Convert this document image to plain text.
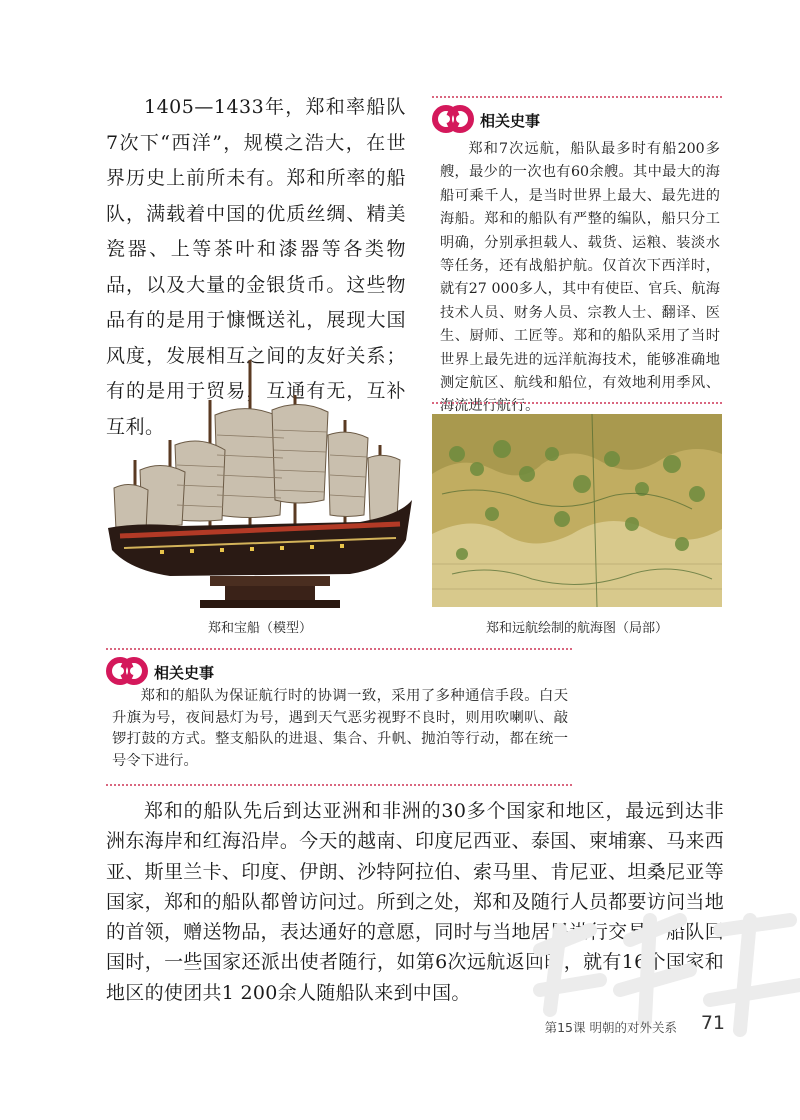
1405—1433年，郑和率船队7次下“西洋”，规模之浩大，在世界历史上前所未有。郑和所率的船队，满载着中国的优质丝绸、精美瓷器、上等茶叶和漆器等各类物品，以及大量的金银货币。这些物品有的是用于慷慨送礼，展现大国风度，发展相互之间的友好关系；有的是用于贸易，互通有无，互补互利。

相关史事

郑和7次远航，船队最多时有船200多艘，最少的一次也有60余艘。其中最大的海船可乘千人，是当时世界上最大、最先进的海船。郑和的船队有严整的编队，船只分工明确，分别承担载人、载货、运粮、装淡水等任务，还有战船护航。仅首次下西洋时，就有27 000多人，其中有使臣、官兵、航海技术人员、财务人员、宗教人士、翻译、医生、厨师、工匠等。郑和的船队采用了当时世界上最先进的远洋航海技术，能够准确地测定航区、航线和船位，有效地利用季风、海流进行航行。

郑和宝船（模型）	郑和远航绘制的航海图（局部）
相关史事

郑和的船队为保证航行时的协调一致，采用了多种通信手段。白天升旗为号，夜间悬灯为号，遇到天气恶劣视野不良时，则用吹喇叭、敲锣打鼓的方式。整支船队的进退、集合、升帆、抛泊等行动，都在统一号令下进行。

郑和的船队先后到达亚洲和非洲的30多个国家和地区，最远到达非洲东海岸和红海沿岸。今天的越南、印度尼西亚、泰国、柬埔寨、马来西亚、斯里兰卡、印度、伊朗、沙特阿拉伯、索马里、肯尼亚、坦桑尼亚等国家，郑和的船队都曾访问过。所到之处，郑和及随行人员都要访问当地的首领，赠送物品，表达通好的意愿，同时与当地居民进行交易。船队回国时，一些国家还派出使者随行，如第6次远航返回时，就有16个国家和地区的使团共1 200余人随船队来到中国。

第15课 明朝的对外关系 71
